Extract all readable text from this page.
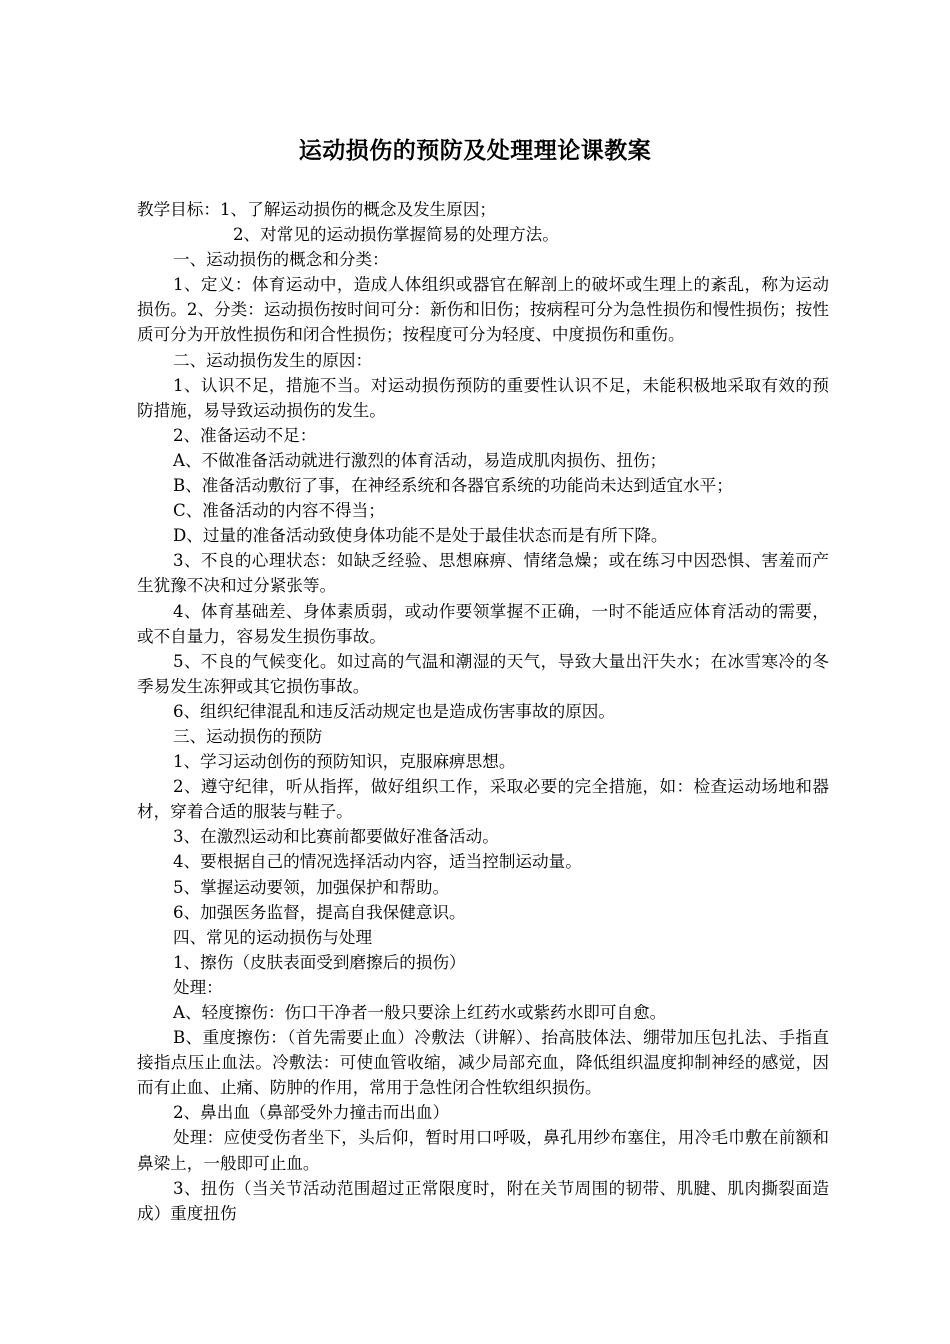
运动损伤的预防及处理理论课教案

教学目标：1、了解运动损伤的概念及发生原因；

2、对常见的运动损伤掌握简易的处理方法。

一、运动损伤的概念和分类：

1、定义：体育运动中，造成人体组织或器官在解剖上的破坏或生理上的紊乱，称为运动损伤。2、分类：运动损伤按时间可分：新伤和旧伤；按病程可分为急性损伤和慢性损伤；按性质可分为开放性损伤和闭合性损伤；按程度可分为轻度、中度损伤和重伤。

二、运动损伤发生的原因：

1、认识不足，措施不当。对运动损伤预防的重要性认识不足，未能积极地采取有效的预防措施，易导致运动损伤的发生。

2、准备运动不足：

A、不做准备活动就进行激烈的体育活动，易造成肌肉损伤、扭伤；

B、准备活动敷衍了事，在神经系统和各器官系统的功能尚未达到适宜水平；

C、准备活动的内容不得当；

D、过量的准备活动致使身体功能不是处于最佳状态而是有所下降。

3、不良的心理状态：如缺乏经验、思想麻痹、情绪急燥；或在练习中因恐惧、害羞而产生犹豫不决和过分紧张等。

4、体育基础差、身体素质弱，或动作要领掌握不正确，一时不能适应体育活动的需要，或不自量力，容易发生损伤事故。

5、不良的气候变化。如过高的气温和潮湿的天气，导致大量出汗失水；在冰雪寒冷的冬季易发生冻狎或其它损伤事故。

6、组织纪律混乱和违反活动规定也是造成伤害事故的原因。

三、运动损伤的预防

1、学习运动创伤的预防知识，克服麻痹思想。

2、遵守纪律，听从指挥，做好组织工作，采取必要的完全措施，如：检查运动场地和器材，穿着合适的服装与鞋子。

3、在激烈运动和比赛前都要做好准备活动。

4、要根据自己的情况选择活动内容，适当控制运动量。

5、掌握运动要领，加强保护和帮助。

6、加强医务监督，提高自我保健意识。

四、常见的运动损伤与处理

1、擦伤（皮肤表面受到磨擦后的损伤）

处理：

A、轻度擦伤：伤口干净者一般只要涂上红药水或紫药水即可自愈。

B、重度擦伤：（首先需要止血）冷敷法（讲解）、抬高肢体法、绷带加压包扎法、手指直接指点压止血法。冷敷法：可使血管收缩，减少局部充血，降低组织温度抑制神经的感觉，因而有止血、止痛、防肿的作用，常用于急性闭合性软组织损伤。

2、鼻出血（鼻部受外力撞击而出血）

处理：应使受伤者坐下，头后仰，暂时用口呼吸，鼻孔用纱布塞住，用冷毛巾敷在前额和鼻梁上，一般即可止血。

3、扭伤（当关节活动范围超过正常限度时，附在关节周围的韧带、肌腱、肌肉撕裂面造成）重度扭伤
